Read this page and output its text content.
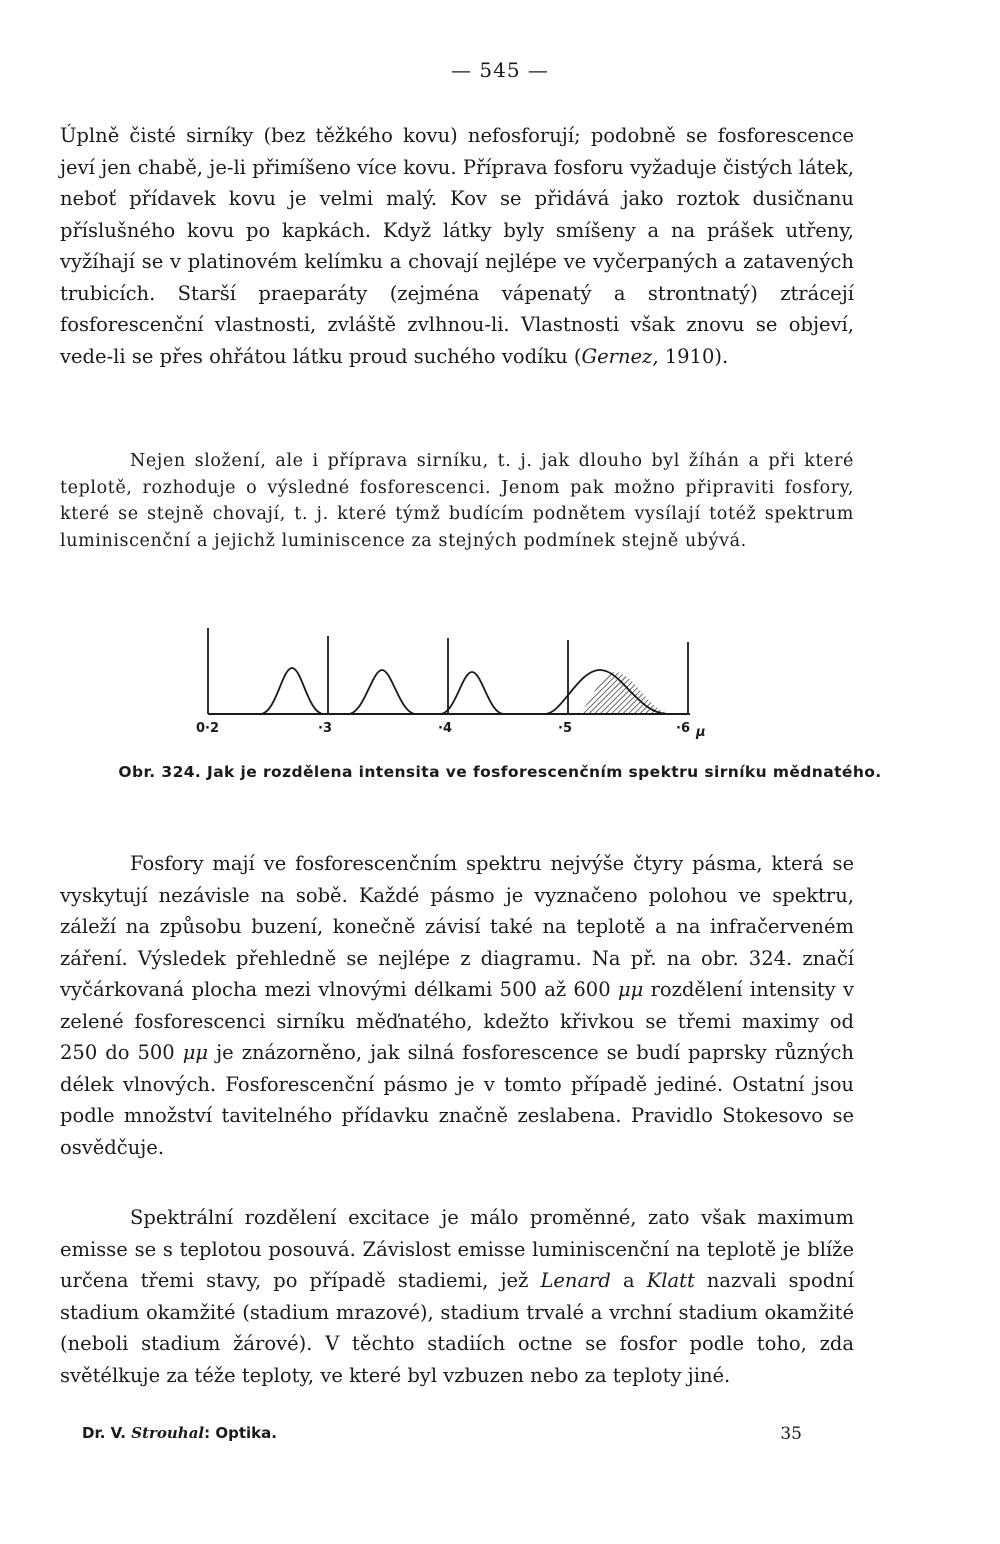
— 545 —

Úplně čisté sirníky (bez těžkého kovu) nefosforují; podobně se fosforescence jeví jen chabě, je-li přimíšeno více kovu. Příprava fosforu vyžaduje čistých látek, neboť přídavek kovu je velmi malý. Kov se přidává jako roztok dusičnanu příslušného kovu po kapkách. Když látky byly smíšeny a na prášek utřeny, vyžíhají se v platinovém kelímku a chovají nejlépe ve vyčerpaných a zatavených trubicích. Starší praeparáty (zejména vápenatý a strontnatý) ztrácejí fosforescenční vlastnosti, zvláště zvlhnou-li. Vlastnosti však znovu se objeví, vede-li se přes ohřátou látku proud suchého vodíku (Gernez, 1910).

Nejen složení, ale i příprava sirníku, t. j. jak dlouho byl žíhán a při které teplotě, rozhoduje o výsledné fosforescenci. Jenom pak možno připraviti fosfory, které se stejně chovají, t. j. které týmž budícím podnětem vysílají totéž spektrum luminiscenční a jejichž luminiscence za stejných podmínek stejně ubývá.

0·2	·3	·4	·5	·6 μ
Obr. 324. Jak je rozdělena intensita ve fosforescenčním spektru sirníku mědnatého.

Fosfory mají ve fosforescenčním spektru nejvýše čtyry pásma, která se vyskytují nezávisle na sobě. Každé pásmo je vyznačeno polohou ve spektru, záleží na způsobu buzení, konečně závisí také na teplotě a na infračerveném záření. Výsledek přehledně se nejlépe z diagramu. Na př. na obr. 324. značí vyčárkovaná plocha mezi vlnovými délkami 500 až 600 μμ rozdělení intensity v zelené fosforescenci sirníku měďnatého, kdežto křivkou se třemi maximy od 250 do 500 μμ je znázorněno, jak silná fosforescence se budí paprsky různých délek vlnových. Fosforescenční pásmo je v tomto případě jediné. Ostatní jsou podle množství tavitelného přídavku značně zeslabena. Pravidlo Stokesovo se osvědčuje.

Spektrální rozdělení excitace je málo proměnné, zato však maximum emisse se s teplotou posouvá. Závislost emisse luminiscenční na teplotě je blíže určena třemi stavy, po případě stadiemi, jež Lenard a Klatt nazvali spodní stadium okamžité (stadium mrazové), stadium trvalé a vrchní stadium okamžité (neboli stadium žárové). V těchto stadiích octne se fosfor podle toho, zda světélkuje za téže teploty, ve které byl vzbuzen nebo za teploty jiné.

Dr. V. Strouhal: Optika.	35
